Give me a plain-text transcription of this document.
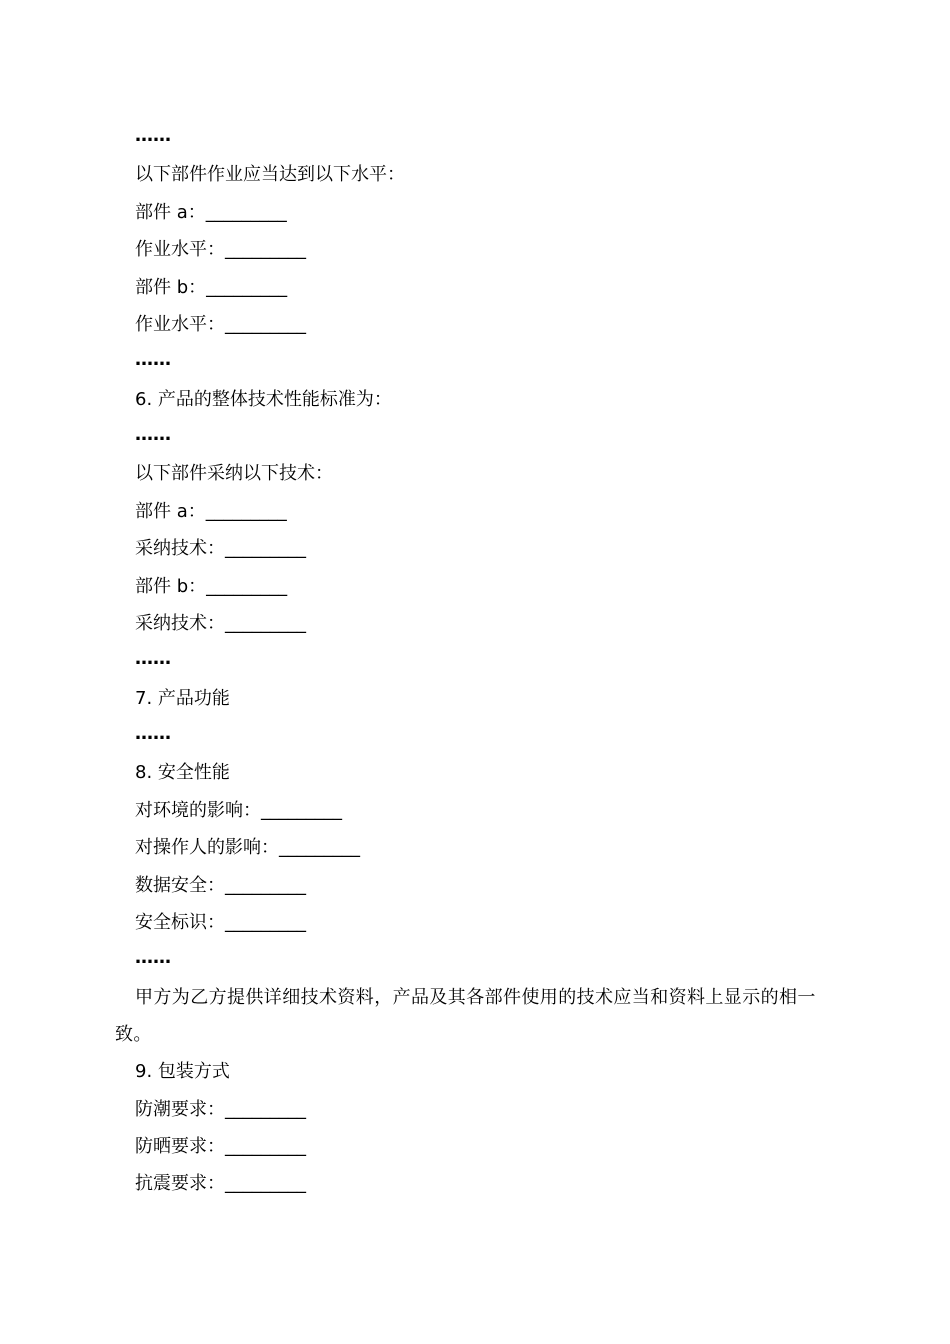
……
以下部件作业应当达到以下水平：
部件 a：_________
作业水平：_________
部件 b：_________
作业水平：_________
……
6. 产品的整体技术性能标准为：
……
以下部件采纳以下技术：
部件 a：_________
采纳技术：_________
部件 b：_________
采纳技术：_________
……
7. 产品功能
……
8. 安全性能
对环境的影响：_________
对操作人的影响：_________
数据安全：_________
安全标识：_________
……
甲方为乙方提供详细技术资料，产品及其各部件使用的技术应当和资料上显示的相一致。
9. 包装方式
防潮要求：_________
防晒要求：_________
抗震要求：_________
